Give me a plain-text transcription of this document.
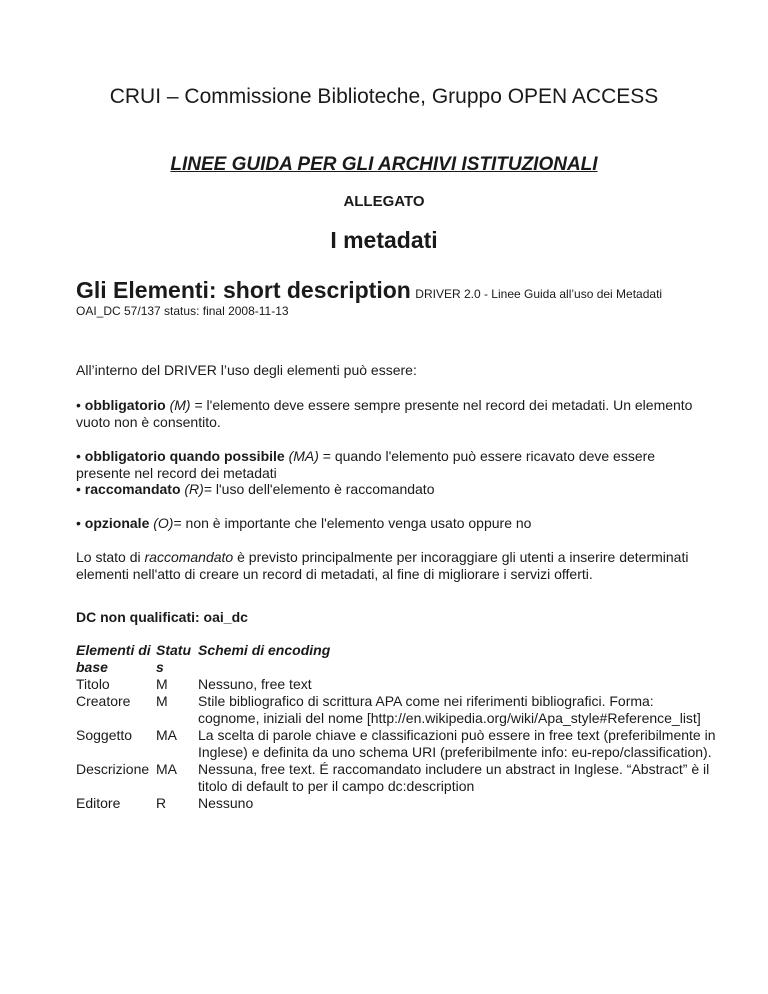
CRUI – Commissione Biblioteche, Gruppo OPEN ACCESS
LINEE GUIDA PER GLI ARCHIVI ISTITUZIONALI
ALLEGATO
I metadati
Gli Elementi: short description DRIVER 2.0 - Linee Guida all’uso dei Metadati
OAI_DC 57/137 status: final 2008-11-13
All’interno del DRIVER l’uso degli elementi può essere:
• obbligatorio (M) = l'elemento deve essere sempre presente nel record dei metadati. Un elemento vuoto non è consentito.
• obbligatorio quando possibile (MA) = quando l'elemento può essere ricavato deve essere presente nel record dei metadati
• raccomandato (R)= l'uso dell'elemento è raccomandato
• opzionale (O)= non è importante che l'elemento venga usato oppure no
Lo stato di raccomandato è previsto principalmente per incoraggiare gli utenti a inserire determinati elementi nell'atto di creare un record di metadati, al fine di migliorare i servizi offerti.
DC non qualificati: oai_dc
Elementi di base	Statu s	Schemi di encoding
Titolo	M	Nessuno, free text
Creatore	M	Stile bibliografico di scrittura APA come nei riferimenti bibliografici. Forma: cognome, iniziali del nome [http://en.wikipedia.org/wiki/Apa_style#Reference_list]
Soggetto	MA	La scelta di parole chiave e classificazioni può essere in free text (preferibilmente in Inglese) e definita da uno schema URI (preferibilmente info: eu-repo/classification).
Descrizione	MA	Nessuna, free text. É raccomandato includere un abstract in Inglese. “Abstract” è il titolo di default to per il campo dc:description
Editore	R	Nessuno
